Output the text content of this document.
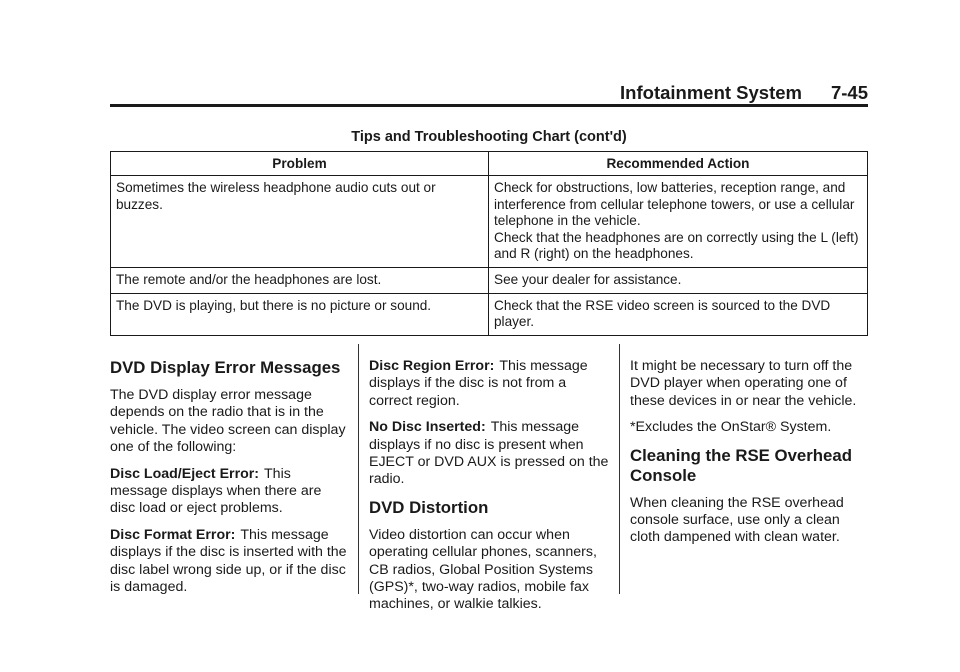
Infotainment System 7-45
Tips and Troubleshooting Chart (cont'd)
Problem	Recommended Action
Sometimes the wireless headphone audio cuts out or buzzes.	Check for obstructions, low batteries, reception range, and interference from cellular telephone towers, or use a cellular telephone in the vehicle.
Check that the headphones are on correctly using the L (left) and R (right) on the headphones.

The remote and/or the headphones are lost.	See your dealer for assistance.

The DVD is playing, but there is no picture or sound.	Check that the RSE video screen is sourced to the DVD player.
DVD Display Error Messages

The DVD display error message depends on the radio that is in the vehicle. The video screen can display one of the following:

Disc Load/Eject Error: This message displays when there are disc load or eject problems.

Disc Format Error: This message displays if the disc is inserted with the disc label wrong side up, or if the disc is damaged.

Disc Region Error: This message displays if the disc is not from a correct region.

No Disc Inserted: This message displays if no disc is present when EJECT or DVD AUX is pressed on the radio.

DVD Distortion

Video distortion can occur when operating cellular phones, scanners, CB radios, Global Position Systems (GPS)*, two-way radios, mobile fax machines, or walkie talkies.

It might be necessary to turn off the DVD player when operating one of these devices in or near the vehicle.

*Excludes the OnStar® System.

Cleaning the RSE Overhead Console

When cleaning the RSE overhead console surface, use only a clean cloth dampened with clean water.
